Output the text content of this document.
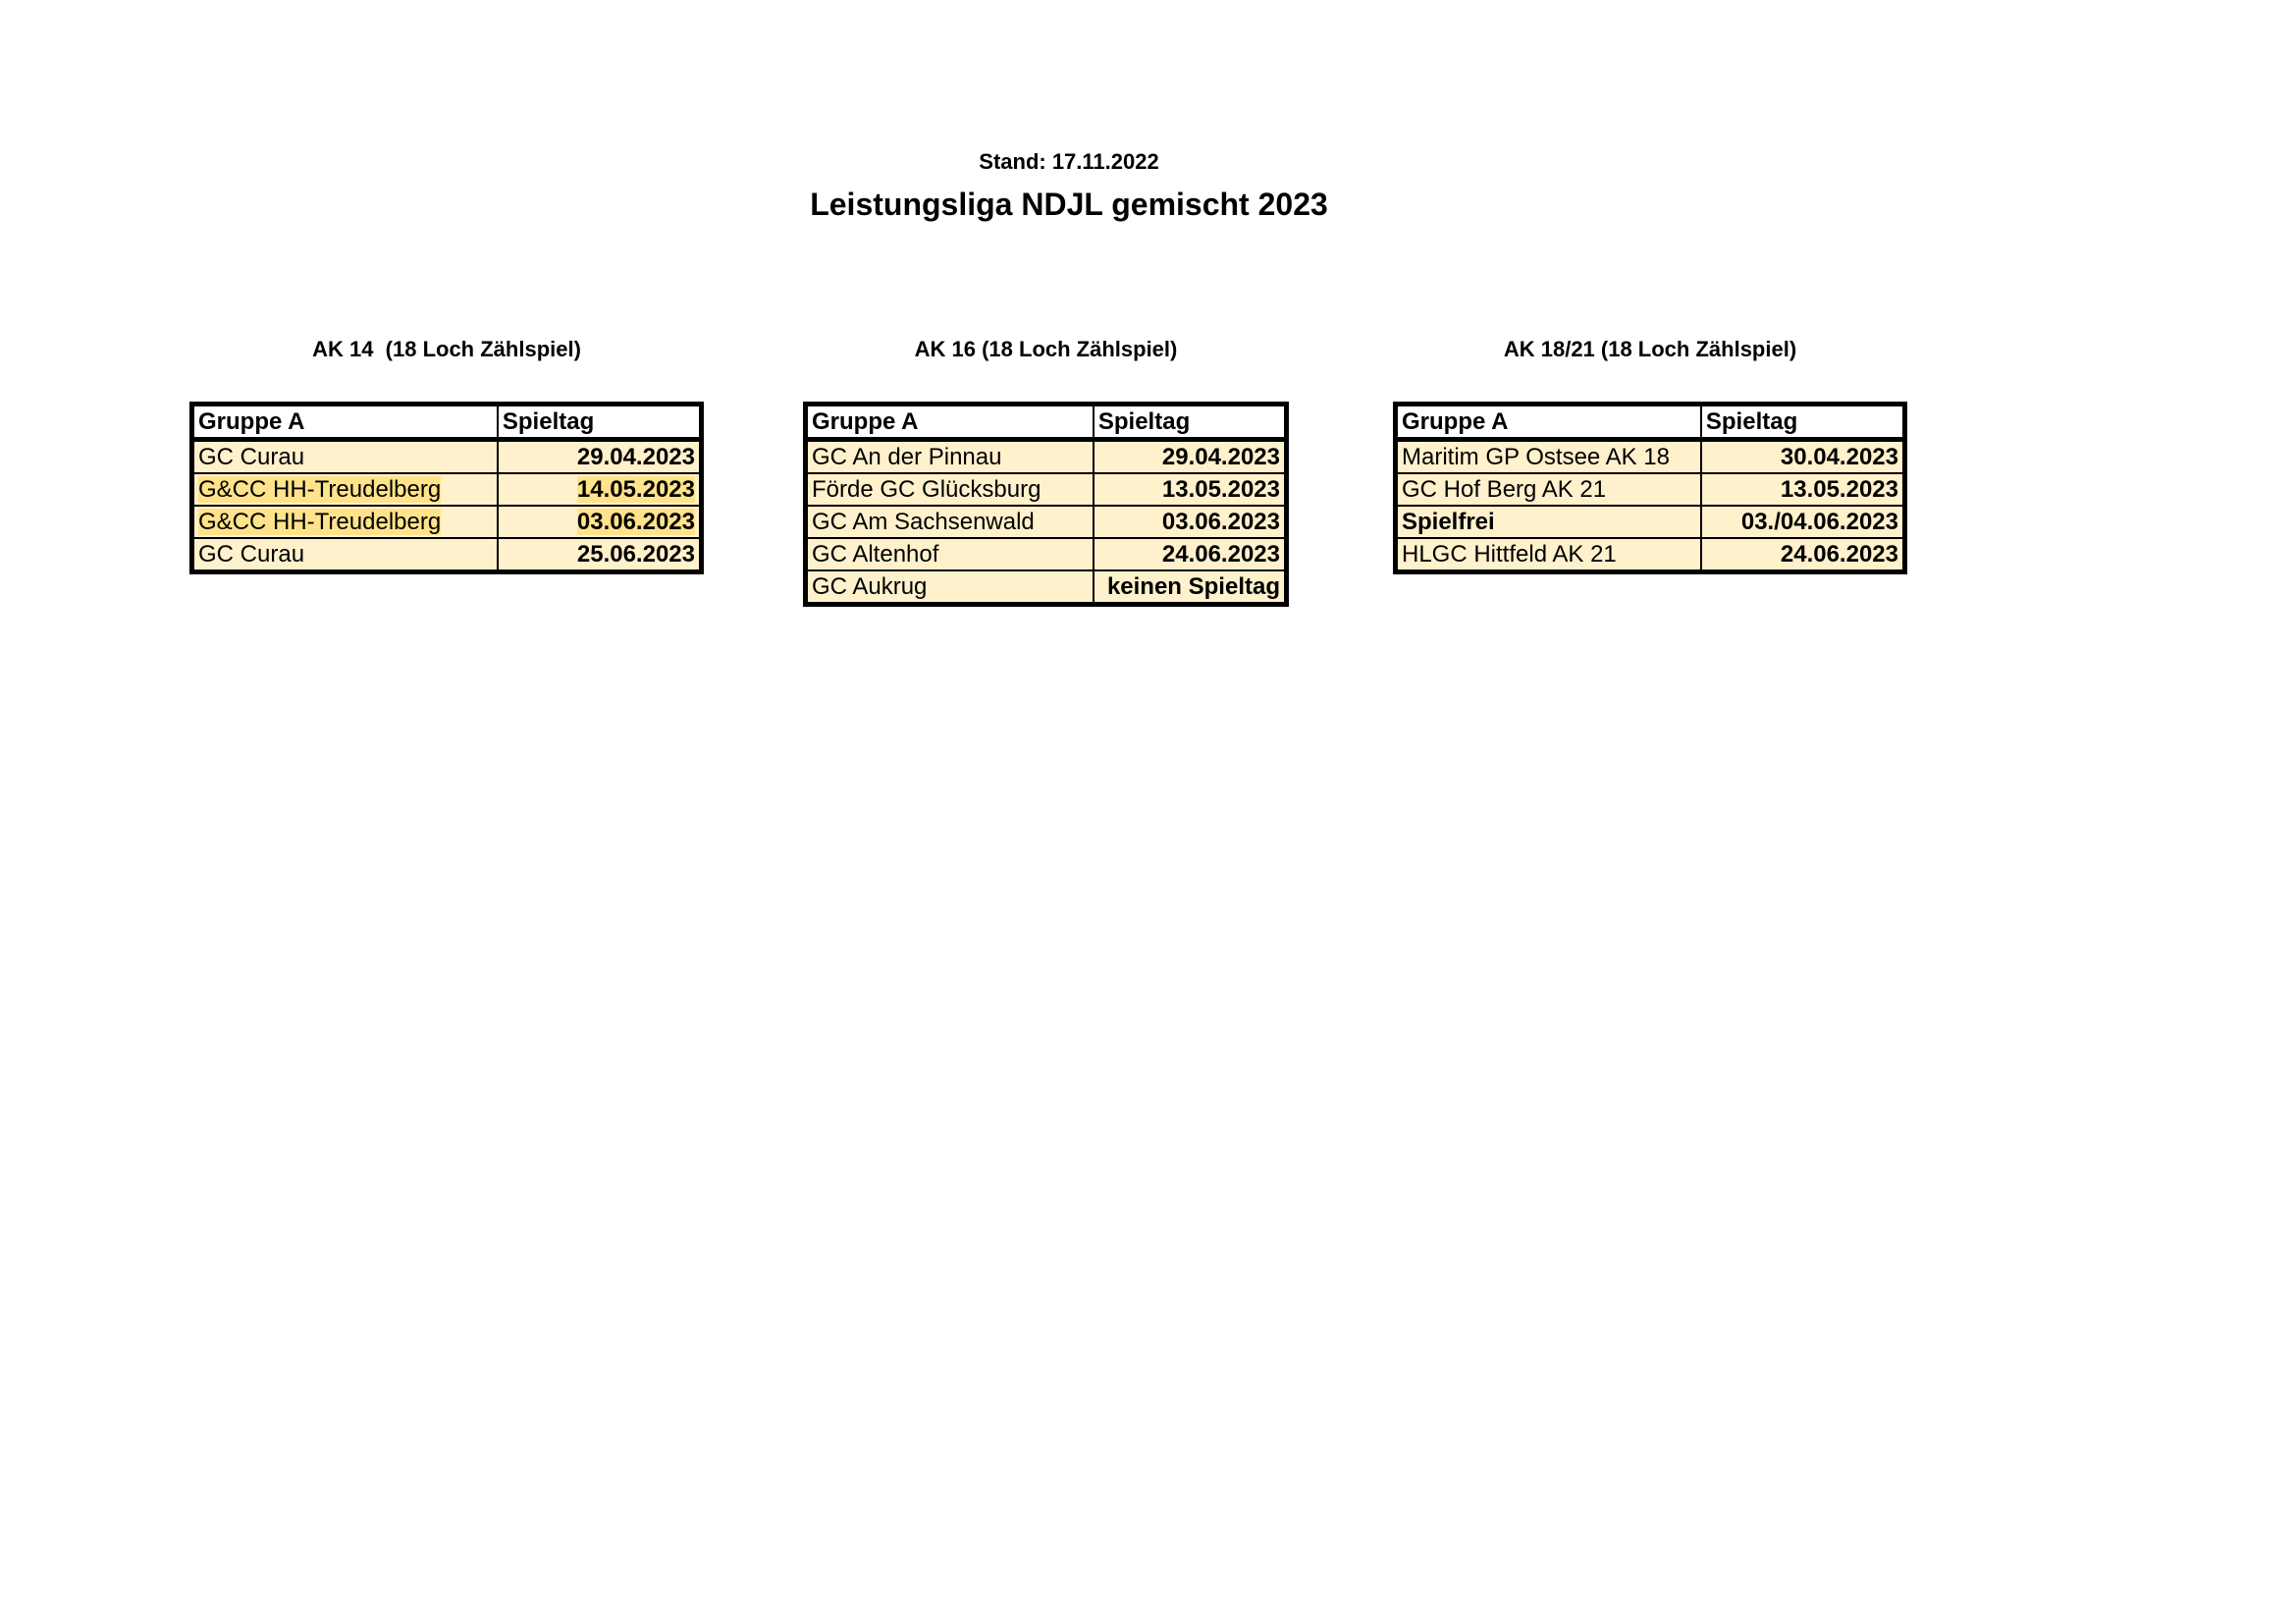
Stand: 17.11.2022
Leistungsliga NDJL gemischt 2023
AK 14  (18 Loch Zählspiel)
Gruppe A	Spieltag
GC Curau	29.04.2023
G&CC HH-Treudelberg	14.05.2023
G&CC HH-Treudelberg	03.06.2023
GC Curau	25.06.2023
AK 16 (18 Loch Zählspiel)
Gruppe A	Spieltag
GC An der Pinnau	29.04.2023
Förde GC Glücksburg	13.05.2023
GC Am Sachsenwald	03.06.2023
GC Altenhof	24.06.2023
GC Aukrug	keinen Spieltag
AK 18/21 (18 Loch Zählspiel)
Gruppe A	Spieltag
Maritim GP Ostsee AK 18	30.04.2023
GC Hof Berg AK 21	13.05.2023
Spielfrei	03./04.06.2023
HLGC Hittfeld AK 21	24.06.2023
